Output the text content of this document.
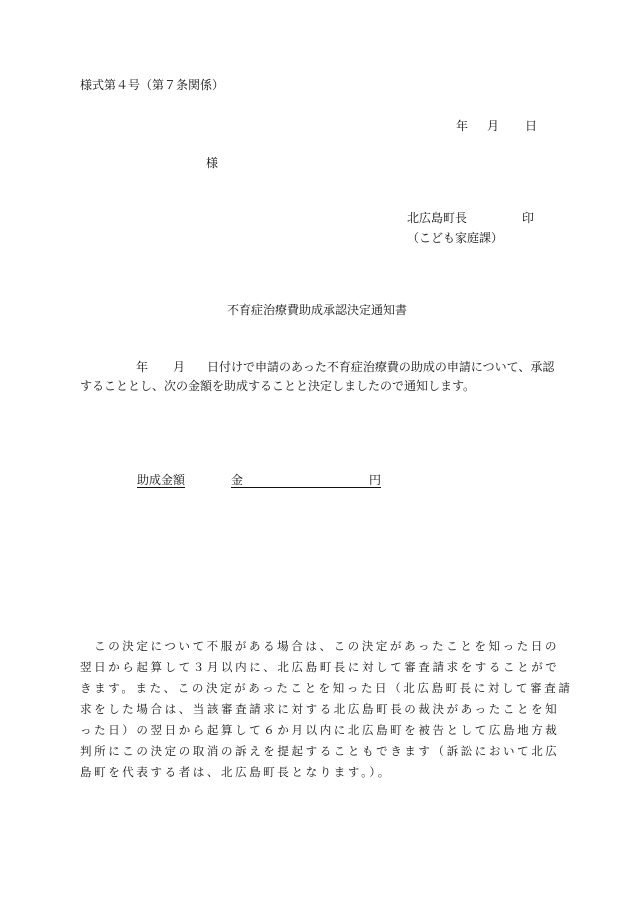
様式第４号（第７条関係）
年 月 日
様
北広島町長	印
（こども家庭課）
不育症治療費助成承認決定通知書
年 月 日付けで申請のあった不育症治療費の助成の申請について、承認
することとし、次の金額を助成することと決定しましたので通知します。
助成金額	金	円
　この決定について不服がある場合は、この決定があったことを知った日の
翌日から起算して３月以内に、北広島町長に対して審査請求をすることがで
きます。また、この決定があったことを知った日（北広島町長に対して審査請
求をした場合は、当該審査請求に対する北広島町長の裁決があったことを知
った日）の翌日から起算して６か月以内に北広島町を被告として広島地方裁
判所にこの決定の取消の訴えを提起することもできます（訴訟において北広
島町を代表する者は、北広島町長となります。）。
